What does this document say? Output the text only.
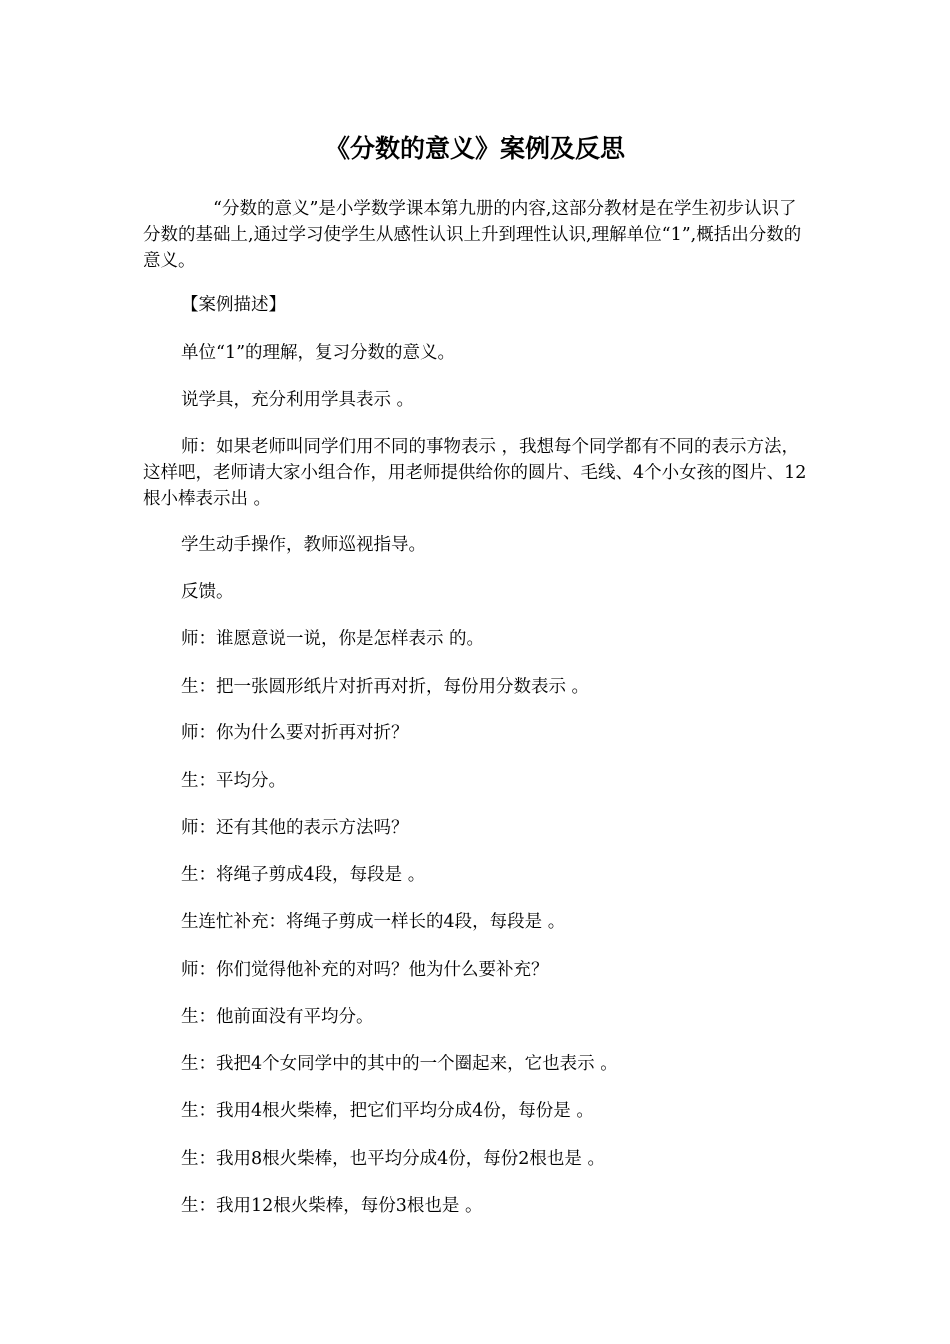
《分数的意义》案例及反思

“分数的意义”是小学数学课本第九册的内容,这部分教材是在学生初步认识了分数的基础上,通过学习使学生从感性认识上升到理性认识,理解单位“1”,概括出分数的意义。

【案例描述】

单位“1”的理解，复习分数的意义。

说学具，充分利用学具表示 。

师：如果老师叫同学们用不同的事物表示 ，我想每个同学都有不同的表示方法，这样吧，老师请大家小组合作，用老师提供给你的圆片、毛线、4个小女孩的图片、12根小棒表示出 。

学生动手操作，教师巡视指导。

反馈。

师：谁愿意说一说，你是怎样表示 的。

生：把一张圆形纸片对折再对折，每份用分数表示 。

师：你为什么要对折再对折？

生：平均分。

师：还有其他的表示方法吗？

生：将绳子剪成4段，每段是 。

生连忙补充：将绳子剪成一样长的4段，每段是 。

师：你们觉得他补充的对吗？他为什么要补充？

生：他前面没有平均分。

生：我把4个女同学中的其中的一个圈起来，它也表示 。

生：我用4根火柴棒，把它们平均分成4份，每份是 。

生：我用8根火柴棒，也平均分成4份，每份2根也是 。

生：我用12根火柴棒，每份3根也是 。
